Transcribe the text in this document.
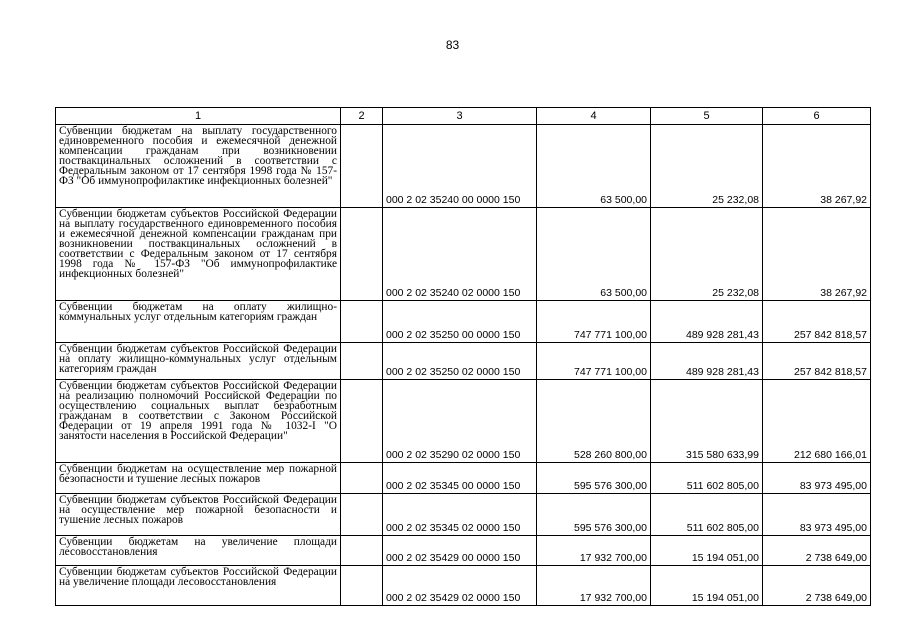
83
1	2	3	4	5	6
Субвенции бюджетам на выплату государственного единовременного пособия и ежемесячной денежной компенсации гражданам при возникновении поствакцинальных осложнений в соответствии с Федеральным законом от 17 сентября 1998 года № 157-ФЗ "Об иммунопрофилактике инфекционных болезней"		000 2 02 35240 00 0000 150	63 500,00	25 232,08	38 267,92
Субвенции бюджетам субъектов Российской Федерации на выплату государственного единовременного пособия и ежемесячной денежной компенсации гражданам при возникновении поствакцинальных осложнений в соответствии с Федеральным законом от 17 сентября 1998 года № 157-ФЗ "Об иммунопрофилактике инфекционных болезней"		000 2 02 35240 02 0000 150	63 500,00	25 232,08	38 267,92
Субвенции бюджетам на оплату жилищно-коммунальных услуг отдельным категориям граждан		000 2 02 35250 00 0000 150	747 771 100,00	489 928 281,43	257 842 818,57
Субвенции бюджетам субъектов Российской Федерации на оплату жилищно-коммунальных услуг отдельным категориям граждан		000 2 02 35250 02 0000 150	747 771 100,00	489 928 281,43	257 842 818,57
Субвенции бюджетам субъектов Российской Федерации на реализацию полномочий Российской Федерации по осуществлению социальных выплат безработным гражданам в соответствии с Законом Российской Федерации от 19 апреля 1991 года № 1032-I "О занятости населения в Российской Федерации"		000 2 02 35290 02 0000 150	528 260 800,00	315 580 633,99	212 680 166,01
Субвенции бюджетам на осуществление мер пожарной безопасности и тушение лесных пожаров		000 2 02 35345 00 0000 150	595 576 300,00	511 602 805,00	83 973 495,00
Субвенции бюджетам субъектов Российской Федерации на осуществление мер пожарной безопасности и тушение лесных пожаров		000 2 02 35345 02 0000 150	595 576 300,00	511 602 805,00	83 973 495,00
Субвенции бюджетам на увеличение площади лесовосстановления		000 2 02 35429 00 0000 150	17 932 700,00	15 194 051,00	2 738 649,00
Субвенции бюджетам субъектов Российской Федерации на увеличение площади лесовосстановления		000 2 02 35429 02 0000 150	17 932 700,00	15 194 051,00	2 738 649,00
